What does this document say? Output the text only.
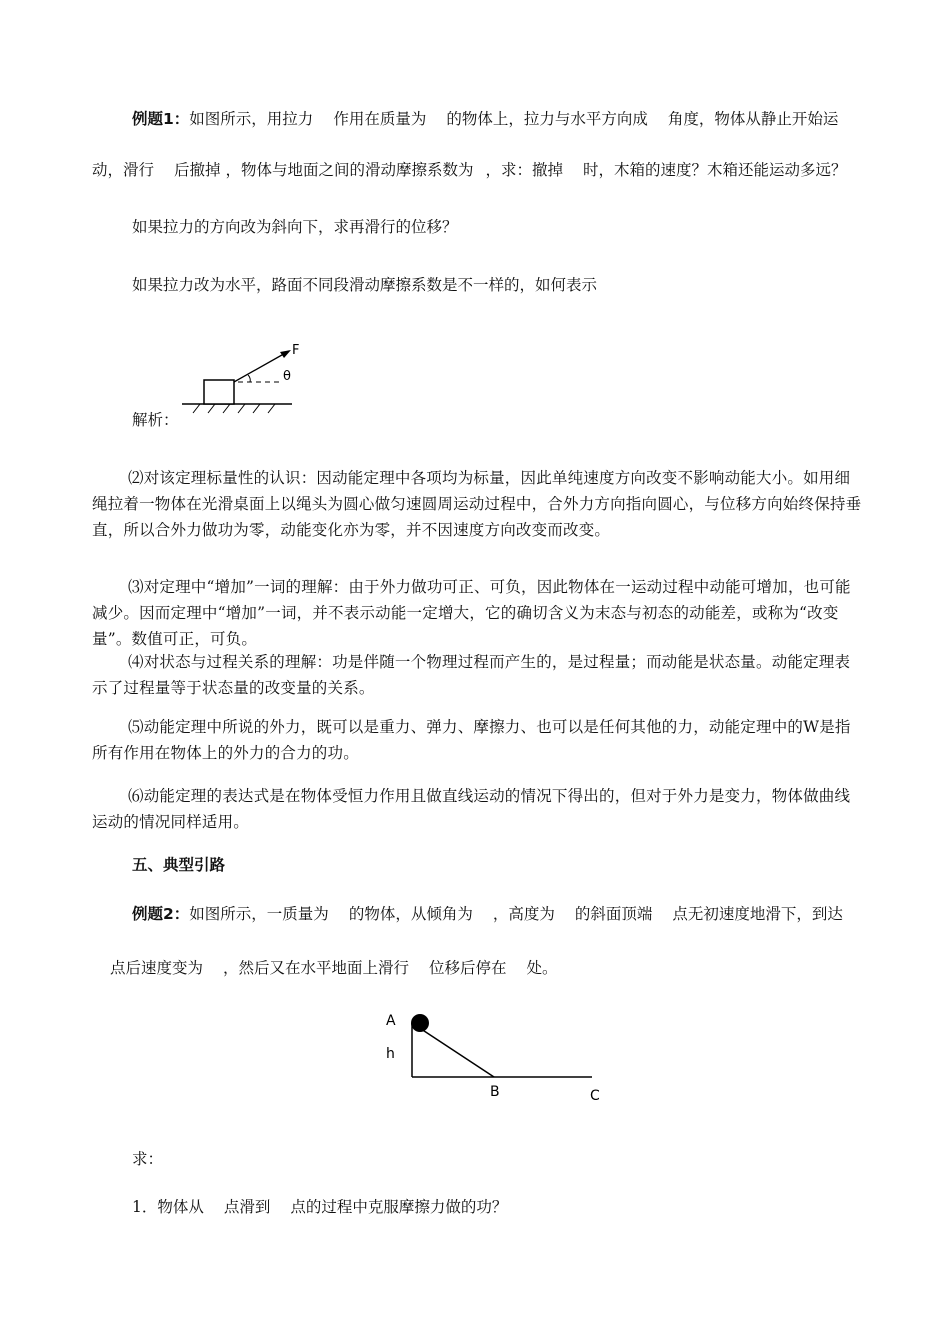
例题1：如图所示，用拉力 作用在质量为 的物体上，拉力与水平方向成 角度，物体从静止开始运
动，滑行 后撤掉 ，物体与地面之间的滑动摩擦系数为 ，求：撤掉 时，木箱的速度？木箱还能运动多远？
如果拉力的方向改为斜向下，求再滑行的位移？
如果拉力改为水平，路面不同段滑动摩擦系数是不一样的，如何表示
F
θ
解析：
⑵对该定理标量性的认识：因动能定理中各项均为标量，因此单纯速度方向改变不影响动能大小。如用细绳拉着一物体在光滑桌面上以绳头为圆心做匀速圆周运动过程中，合外力方向指向圆心，与位移方向始终保持垂直，所以合外力做功为零，动能变化亦为零，并不因速度方向改变而改变。
⑶对定理中“增加”一词的理解：由于外力做功可正、可负，因此物体在一运动过程中动能可增加，也可能减少。因而定理中“增加”一词，并不表示动能一定增大，它的确切含义为末态与初态的动能差，或称为“改变量”。数值可正，可负。
⑷对状态与过程关系的理解：功是伴随一个物理过程而产生的，是过程量；而动能是状态量。动能定理表示了过程量等于状态量的改变量的关系。
⑸动能定理中所说的外力，既可以是重力、弹力、摩擦力、也可以是任何其他的力，动能定理中的W是指所有作用在物体上的外力的合力的功。
⑹动能定理的表达式是在物体受恒力作用且做直线运动的情况下得出的，但对于外力是变力，物体做曲线运动的情况同样适用。
五、典型引路
例题2：如图所示，一质量为 的物体，从倾角为 ，高度为 的斜面顶端 点无初速度地滑下，到达
点后速度变为 ，然后又在水平地面上滑行 位移后停在 处。
A
h
B	C
求：
1．物体从 点滑到 点的过程中克服摩擦力做的功？
